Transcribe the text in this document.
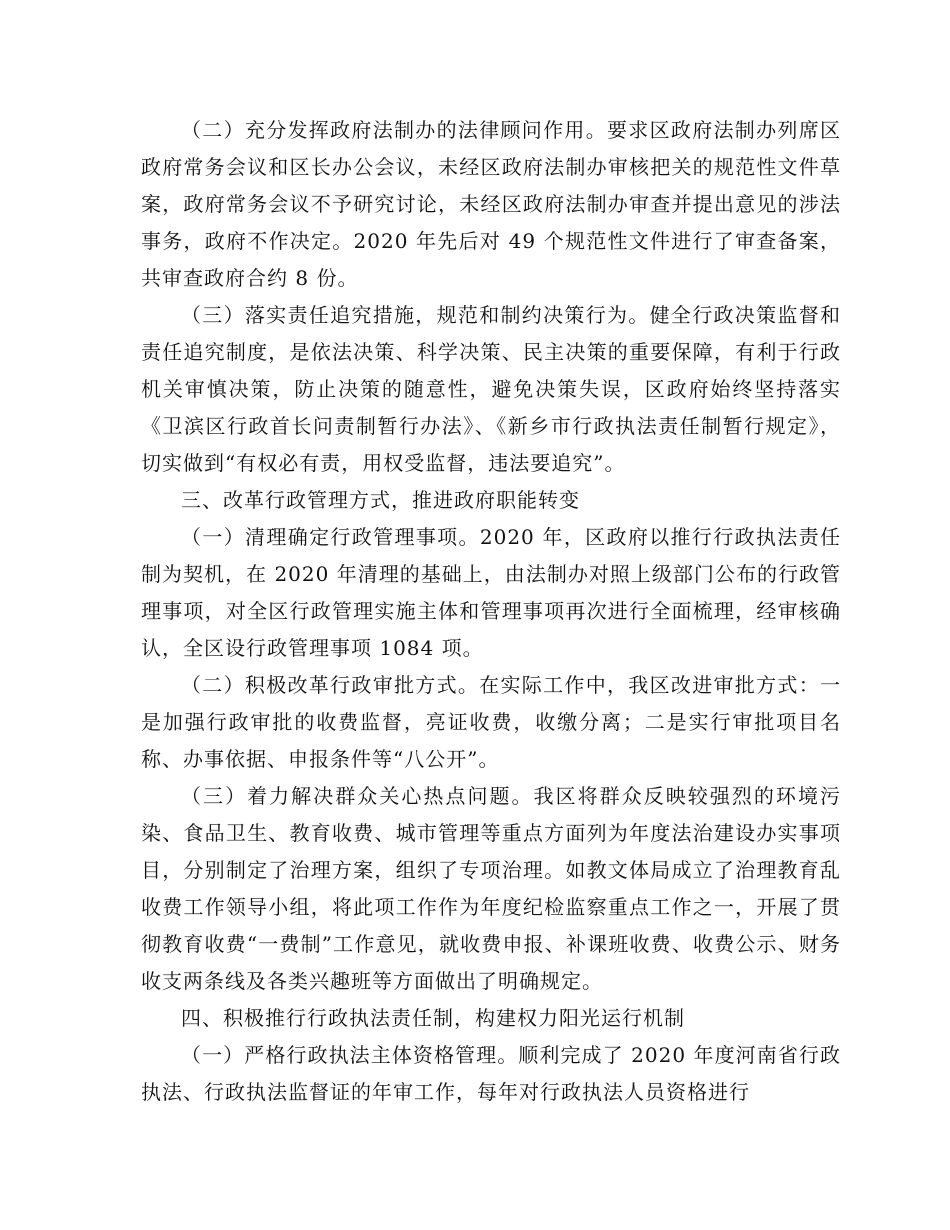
（二）充分发挥政府法制办的法律顾问作用。要求区政府法制办列席区政府常务会议和区长办公会议，未经区政府法制办审核把关的规范性文件草案，政府常务会议不予研究讨论，未经区政府法制办审查并提出意见的涉法事务，政府不作决定。2020 年先后对 49 个规范性文件进行了审查备案，共审查政府合约 8 份。

（三）落实责任追究措施，规范和制约决策行为。健全行政决策监督和责任追究制度，是依法决策、科学决策、民主决策的重要保障，有利于行政机关审慎决策，防止决策的随意性，避免决策失误，区政府始终坚持落实《卫滨区行政首长问责制暂行办法》、《新乡市行政执法责任制暂行规定》，切实做到“有权必有责，用权受监督，违法要追究”。

三、改革行政管理方式，推进政府职能转变

（一）清理确定行政管理事项。2020 年，区政府以推行行政执法责任制为契机，在 2020 年清理的基础上，由法制办对照上级部门公布的行政管理事项，对全区行政管理实施主体和管理事项再次进行全面梳理，经审核确认，全区设行政管理事项 1084 项。

（二）积极改革行政审批方式。在实际工作中，我区改进审批方式：一是加强行政审批的收费监督，亮证收费，收缴分离；二是实行审批项目名称、办事依据、申报条件等“八公开”。

（三）着力解决群众关心热点问题。我区将群众反映较强烈的环境污染、食品卫生、教育收费、城市管理等重点方面列为年度法治建设办实事项目，分别制定了治理方案，组织了专项治理。如教文体局成立了治理教育乱收费工作领导小组，将此项工作作为年度纪检监察重点工作之一，开展了贯彻教育收费“一费制”工作意见，就收费申报、补课班收费、收费公示、财务收支两条线及各类兴趣班等方面做出了明确规定。

四、积极推行行政执法责任制，构建权力阳光运行机制

（一）严格行政执法主体资格管理。顺利完成了 2020 年度河南省行政执法、行政执法监督证的年审工作，每年对行政执法人员资格进行
